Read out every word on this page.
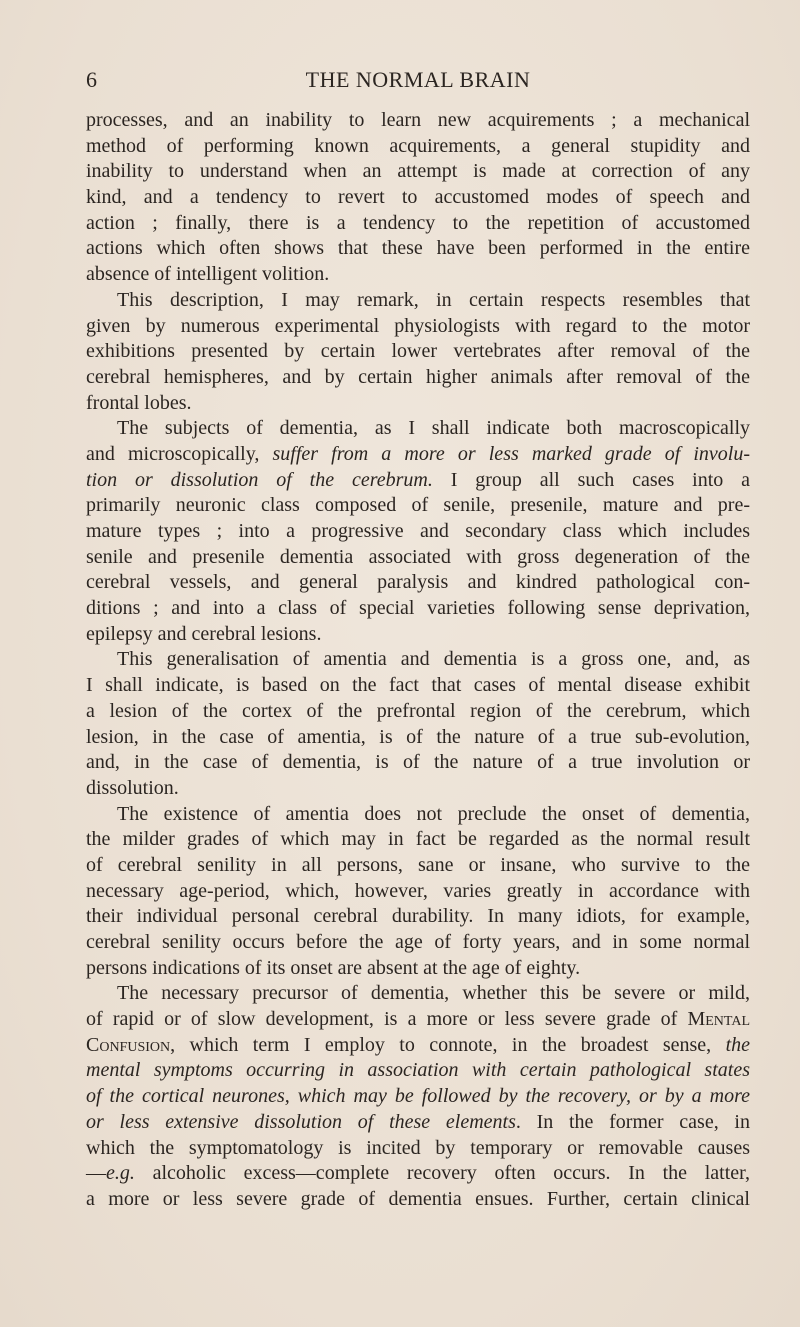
6	THE NORMAL BRAIN
processes, and an inability to learn new acquirements ; a mechanical
method of performing known acquirements, a general stupidity and
inability to understand when an attempt is made at correction of any
kind, and a tendency to revert to accustomed modes of speech and
action ; finally, there is a tendency to the repetition of accustomed
actions which often shows that these have been performed in the entire
absence of intelligent volition.
This description, I may remark, in certain respects resembles that
given by numerous experimental physiologists with regard to the motor
exhibitions presented by certain lower vertebrates after removal of the
cerebral hemispheres, and by certain higher animals after removal of the
frontal lobes.
The subjects of dementia, as I shall indicate both macroscopically
and microscopically, suffer from a more or less marked grade of involu-
tion or dissolution of the cerebrum. I group all such cases into a
primarily neuronic class composed of senile, presenile, mature and pre-
mature types ; into a progressive and secondary class which includes
senile and presenile dementia associated with gross degeneration of the
cerebral vessels, and general paralysis and kindred pathological con-
ditions ; and into a class of special varieties following sense deprivation,
epilepsy and cerebral lesions.
This generalisation of amentia and dementia is a gross one, and, as
I shall indicate, is based on the fact that cases of mental disease exhibit
a lesion of the cortex of the prefrontal region of the cerebrum, which
lesion, in the case of amentia, is of the nature of a true sub-evolution,
and, in the case of dementia, is of the nature of a true involution or
dissolution.
The existence of amentia does not preclude the onset of dementia,
the milder grades of which may in fact be regarded as the normal result
of cerebral senility in all persons, sane or insane, who survive to the
necessary age-period, which, however, varies greatly in accordance with
their individual personal cerebral durability. In many idiots, for example,
cerebral senility occurs before the age of forty years, and in some normal
persons indications of its onset are absent at the age of eighty.
The necessary precursor of dementia, whether this be severe or mild,
of rapid or of slow development, is a more or less severe grade of Mental
Confusion, which term I employ to connote, in the broadest sense, the
mental symptoms occurring in association with certain pathological states
of the cortical neurones, which may be followed by the recovery, or by a more
or less extensive dissolution of these elements. In the former case, in
which the symptomatology is incited by temporary or removable causes
—e.g. alcoholic excess—complete recovery often occurs. In the latter,
a more or less severe grade of dementia ensues. Further, certain clinical
